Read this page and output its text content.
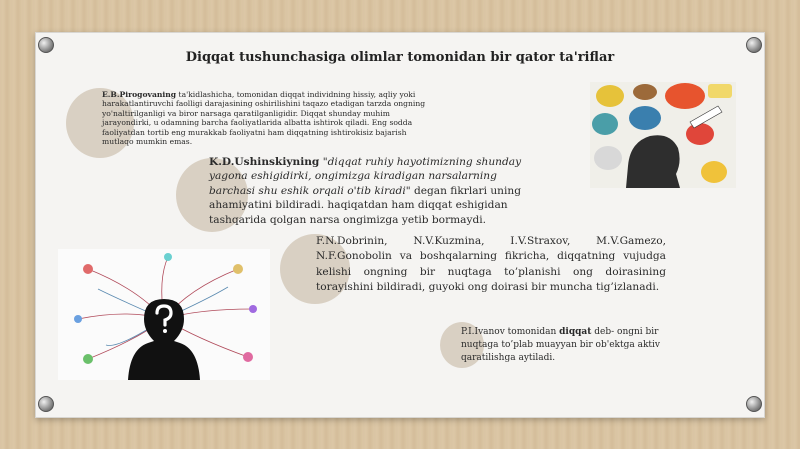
Diqqat tushunchasiga olimlar tomonidan bir qator ta'riflar
E.B.Pirogovaning ta'kidlashicha, tomonidan diqqat individning hissiy, aqliy yoki harakatlantiruvchi faolligi darajasining oshirilishini taqazo etadigan tarzda ongning yo'naltirilganligi va biror narsaga qaratilganligidir. Diqqat shunday muhim jarayondirki, u odamning barcha faoliyatlarida albatta ishtirok qiladi. Eng sodda faoliyatdan tortib eng murakkab faoliyatni ham diqqatning ishtirokisiz bajarish mutlaqo mumkin emas.
K.D.Ushinskiyning "diqqat ruhiy hayotimizning shunday yagona eshigidirki, ongimizga kiradigan narsalarning barchasi shu eshik orqali o'tib kiradi" degan fikrlari uning ahamiyatini bildiradi. haqiqatdan ham diqqat eshigidan tashqarida qolgan narsa ongimizga yetib bormaydi.
F.N.Dobrinin, N.V.Kuzmina, I.V.Straxov, M.V.Gamezo, N.F.Gonobolin va boshqalarning fikricha, diqqatning vujudga kelishi ongning bir nuqtaga to’planishi ong doirasining torayishini bildiradi, guyoki ong doirasi bir muncha tig’izlanadi.
P.I.Ivanov tomonidan diqqat deb- ongni bir nuqtaga to’plab muayyan bir ob'ektga aktiv qaratilishga aytiladi.
